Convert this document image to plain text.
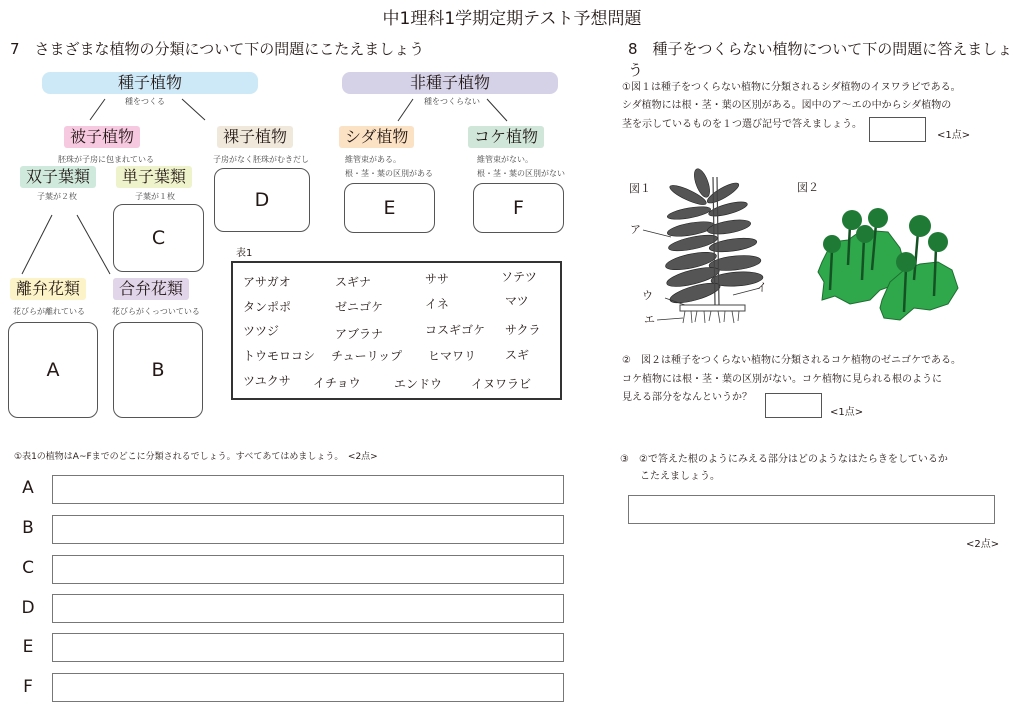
中1理科1学期定期テスト予想問題
7　さまざまな植物の分類について下の問題にこたえましょう
種子植物
種をつくる
非種子植物
種をつくらない
被子植物
胚珠が子房に包まれている
裸子植物
子房がなく胚珠がむきだし
シダ植物
維管束がある。
根・茎・葉の区別がある
コケ植物
維管束がない。
根・茎・葉の区別がない
双子葉類
子葉が２枚
単子葉類
子葉が１枚
離弁花類
花びらが離れている
合弁花類
花びらがくっついている
A	B
C
D	E	F
表1
アサガオ	スギナ	ササ	ソテツ
タンポポ	ゼニゴケ	イネ	マツ
ツツジ	アブラナ	コスギゴケ サクラ
トウモロコシ チューリップ ヒマワリ スギ
ツユクサ イチョウ	エンドウ イヌワラビ
①表1の植物はA~Fまでのどこに分類されるでしょう。すべてあてはめましょう。　<2点>
A
B
C
D
E
F
8　種子をつくらない植物について下の問題に答えましょう
①図１は種子をつくらない植物に分類されるシダ植物のイヌワラビである。
シダ植物には根・茎・葉の区別がある。図中のア～エの中からシダ植物の
茎を示しているものを１つ選び記号で答えましょう。
<1点>
図１
ア
イ
ウ
エ
図２
②　図２は種子をつくらない植物に分類されるコケ植物のゼニゴケである。
コケ植物には根・茎・葉の区別がない。コケ植物に見られる根のように
見える部分をなんというか？
<1点>
③　②で答えた根のようにみえる部分はどのようなはたらきをしているか
こたえましょう。
<2点>
